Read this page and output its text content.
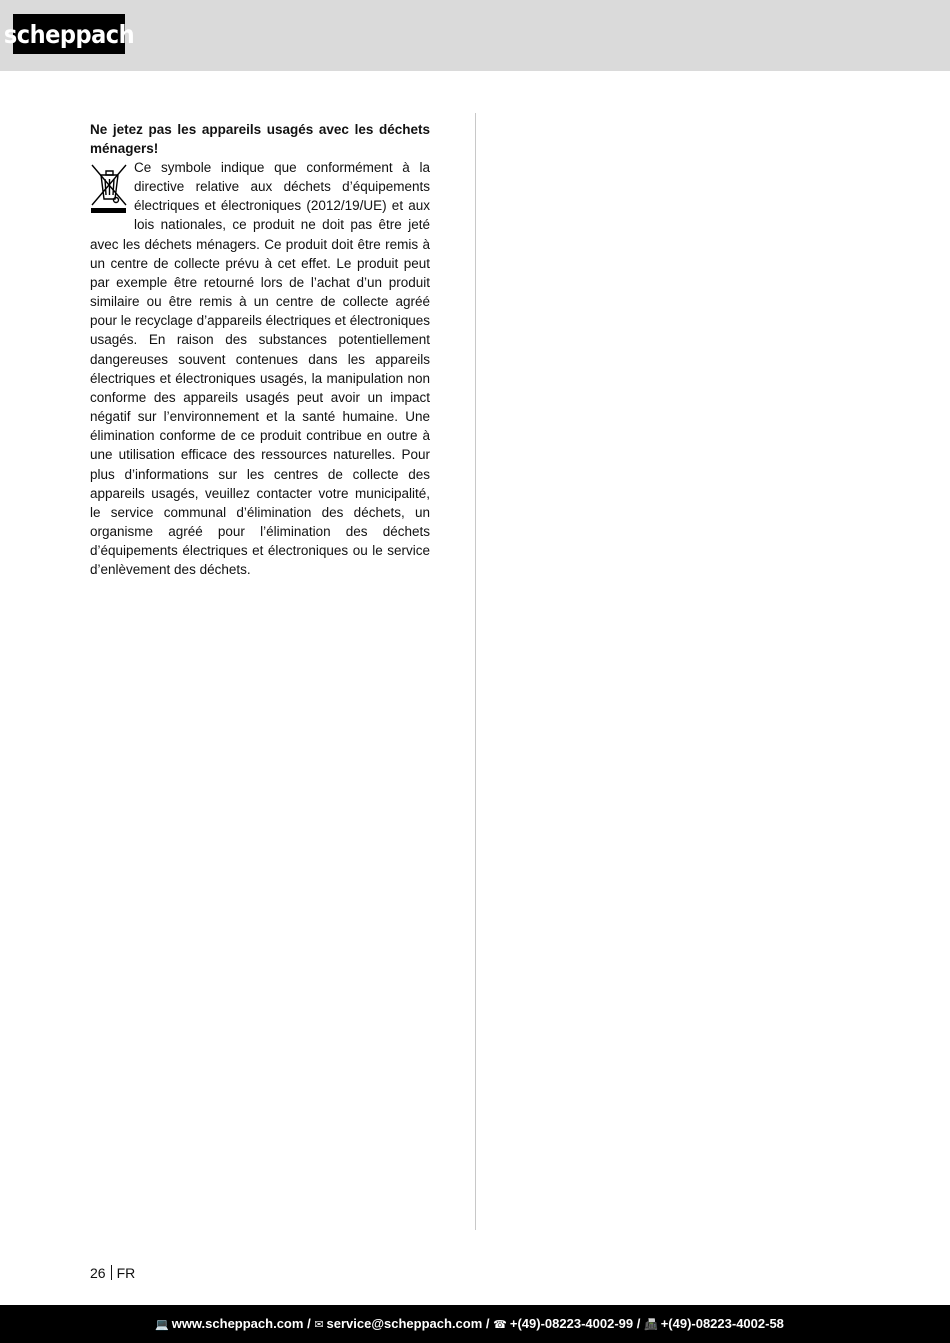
scheppach
Ne jetez pas les appareils usagés avec les déchets ménagers!

Ce symbole indique que conformément à la directive relative aux déchets d’équipements électriques et électroniques (2012/19/UE) et aux lois nationales, ce produit ne doit pas être jeté avec les déchets ménagers. Ce produit doit être remis à un centre de collecte prévu à cet effet. Le produit peut par exemple être retourné lors de l’achat d’un produit similaire ou être remis à un centre de collecte agréé pour le recyclage d’appareils électriques et électroniques usagés. En raison des substances potentiellement dangereuses souvent contenues dans les appareils électriques et électroniques usagés, la manipulation non conforme des appareils usagés peut avoir un impact négatif sur l’environnement et la santé humaine. Une élimination conforme de ce produit contribue en outre à une utilisation efficace des ressources naturelles. Pour plus d’informations sur les centres de collecte des appareils usagés, veuillez contacter votre municipalité, le service communal d’élimination des déchets, un organisme agréé pour l’élimination des déchets d’équipements électriques et électroniques ou le service d’enlèvement des déchets.

26 FR
💻 www.scheppach.com / ✉ service@scheppach.com / ☎ +(49)-08223-4002-99 / 📠 +(49)-08223-4002-58
